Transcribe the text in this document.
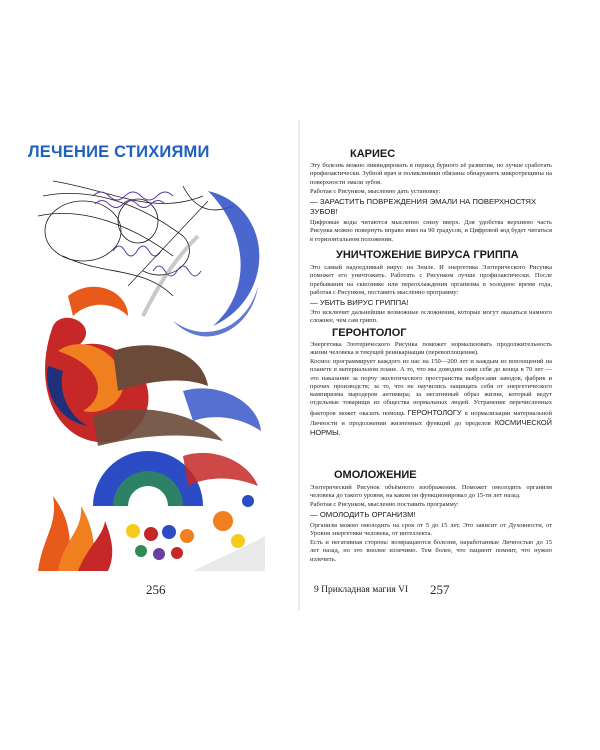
ЛЕЧЕНИЕ СТИХИЯМИ
256
КАРИЕС
Эту болезнь можно ликвидировать в период бурного её развития, но лучше сработать профилактически. Зубной врач и поликлиники обязаны обнаружить микротрещины на поверхности эмали зубов.
Работая с Рисунком, мысленно дать установку:
— ЗАРАСТИТЬ ПОВРЕЖДЕНИЯ ЭМАЛИ НА ПОВЕРХНОСТЯХ ЗУБОВ!
Цифровые коды читаются мысленно снизу вверх. Для удобства верхнюю часть Рисунка можно повернуть вправо вниз на 90 градусов, и Цифровой код будет читаться в горизонтальном положении.
УНИЧТОЖЕНИЕ ВИРУСА ГРИППА
Это самый надоедливый вирус на Земле. И энергетика Эзотерического Рисунка поможет его уничтожить. Работать с Рисунком лучше профилактически. После пребывания на сквозняке или переохлаждения организма в холодное время года, работая с Рисунком, поставить мысленно программу:
— УБИТЬ ВИРУС ГРИППА!
Это исключит дальнейшие возможные осложнения, которые могут оказаться намного сложнее, чем сам грипп.
ГЕРОНТОЛОГ
Энергетика Эзотерического Рисунка поможет нормализовать продолжительность жизни человека и текущей реинкарнации (перевоплощения).
Космос программирует каждого из нас на 150—200 лет и каждым из воплощений на планете в материальном плане. А то, что мы доводим сами себя до конца в 70 лет — это наказание за порчу экологического пространства выбросами заводов, фабрик и прочих производств; за то, что не научились защищать себя от энергетического вампиризма мародеров антимира; за негативный образ жизни, который ведут отдельные товарищи из общества нормальных людей. Устранение перечисленных факторов может оказать помощь ГЕРОНТОЛОГУ в нормализации материальной Личности и продолжении жизненных функций до пределов КОСМИЧЕСКОЙ НОРМЫ.
ОМОЛОЖЕНИЕ
Эзотерический Рисунок объёмного изображения. Поможет омолодить организм человека до такого уровня, на каком он функционировал до 15-ти лет назад.
Работая с Рисунком, мысленно поставить программу:
— ОМОЛОДИТЬ ОРГАНИЗМ!
Организм можно омолодить на срок от 5 до 15 лет. Это зависит от Духовности, от Уровня энергетики человека, от интеллекта.
Есть и негативная сторона: возвращаются болезни, наработанные Личностью до 15 лет назад, но это вполне излечимо. Тем более, что пациент помнит, что нужно излечить.
9 Прикладная магия VI 257
